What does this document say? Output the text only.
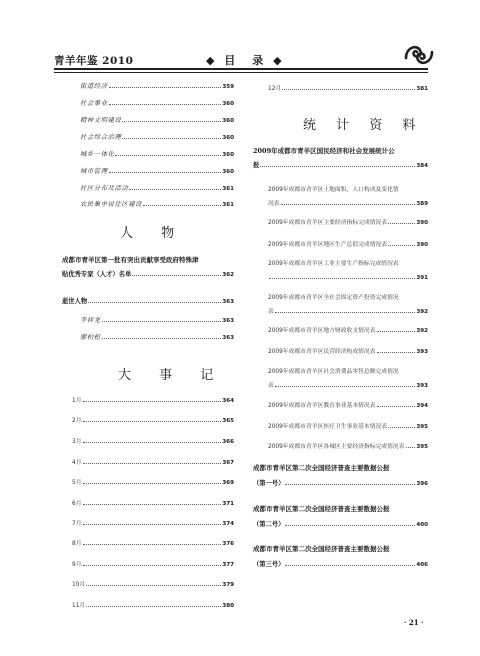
青羊年鉴 2010	◆ 目　录 ◆
街道经济	359
社会事业	360
精神文明建设	360
社会综合治理	360
城乡一体化	360
城市管理	360
社区分布及活动	361
农民集中居住区建设	361
人 物
成都市青羊区第一批有突出贡献享受政府特殊津
贴优秀专家（人才）名单	362
逝世人物	363
李祥龙	363
廖柏桓	363
大 事 记
1月	364
2月	365
3月	366
4月	367
5月	369
6月	371
7月	374
8月	376
9月	377
10月	379
11月	380
12月	381
统 计 资 料
2009年成都市青羊区国民经济和社会发展统计公
报	384
2009年成都市青羊区土地面积、人口构成及变化情
况表	389
2009年成都市青羊区主要经济指标完成情况表	390
2009年成都市青羊区地区生产总值完成情况表	390
2009年成都市青羊区工业主要生产指标完成情况表
391
2009年成都市青羊区全社会固定资产投资完成情况
表	392
2009年成都市青羊区地方财政收支情况表	392
2009年成都市青羊区民营经济构成情况表	393
2009年成都市青羊区社会消费品零售总额完成情况
表	393
2009年成都市青羊区教育事业基本情况表	394
2009年成都市青羊区医疗卫生事业基本情况表	395
2009年成都市青羊区各城区主要经济指标完成情况表 395
成都市青羊区第二次全国经济普查主要数据公报
（第一号）	396
成都市青羊区第二次全国经济普查主要数据公报
（第二号）	400
成都市青羊区第二次全国经济普查主要数据公报
（第三号）	406
· 21 ·
